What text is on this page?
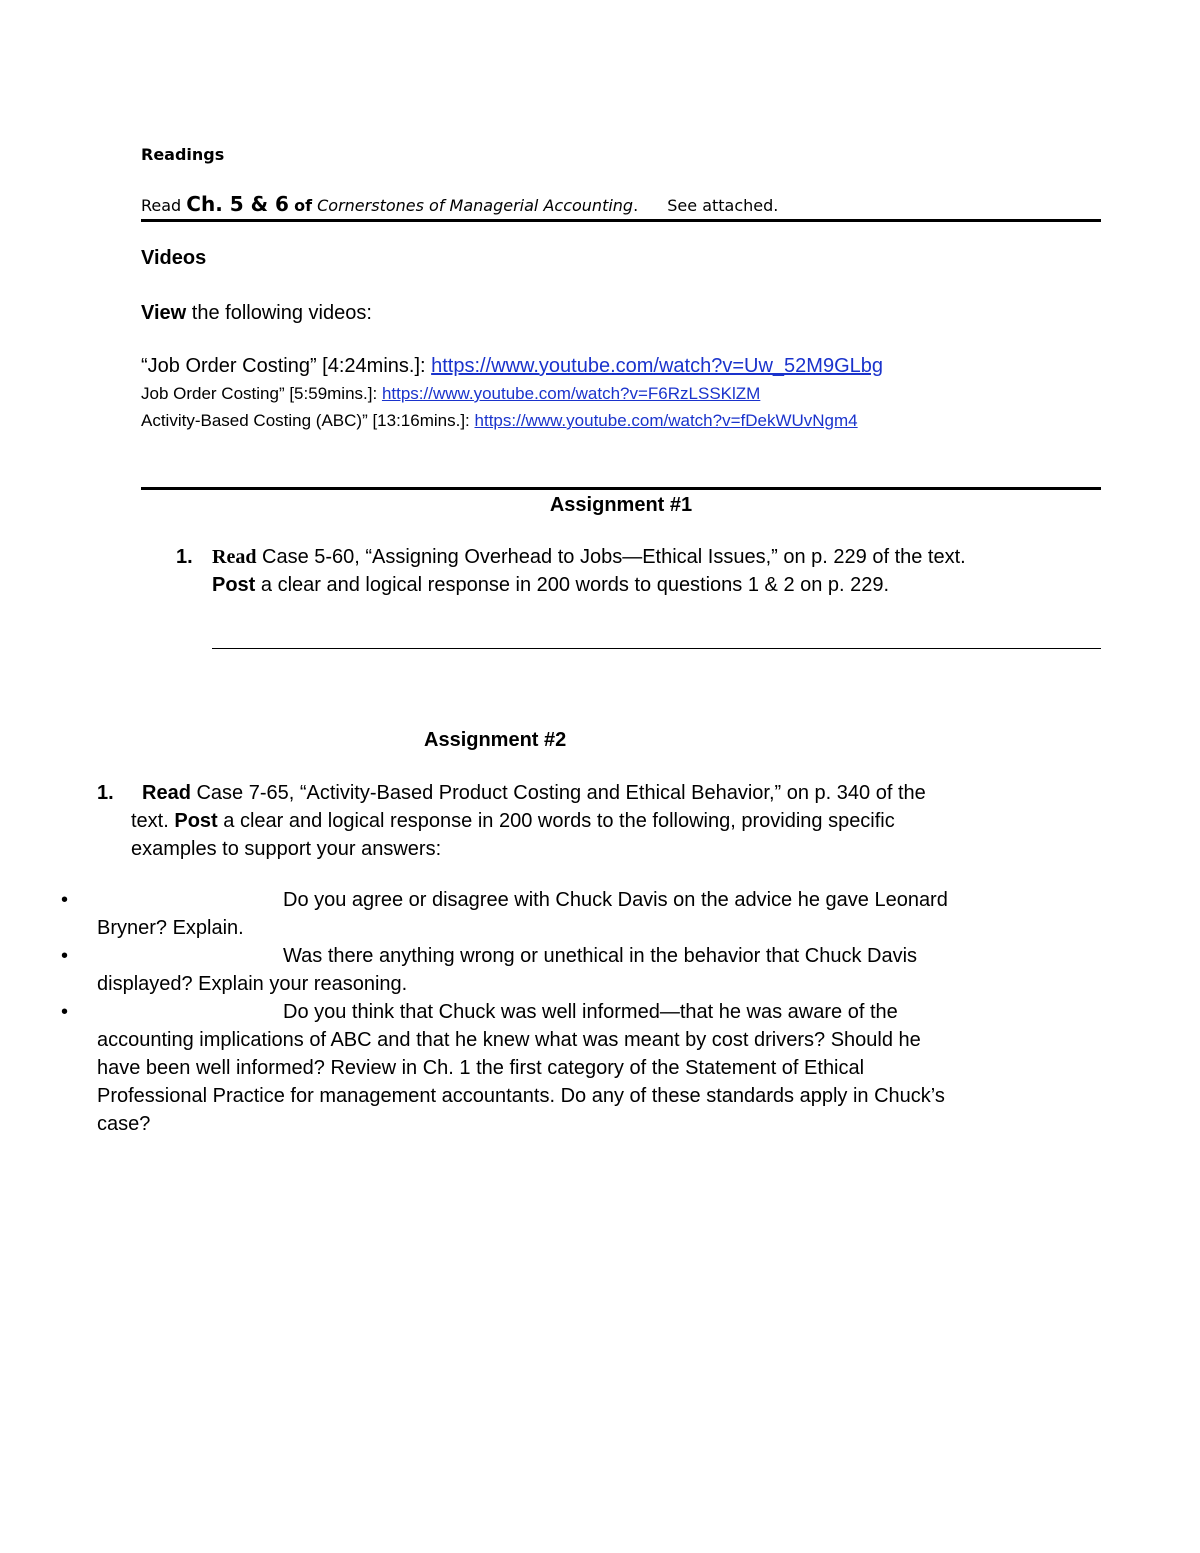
Readings
Read Ch. 5 & 6 of Cornerstones of Managerial Accounting. See attached.
Videos
View the following videos:
“Job Order Costing” [4:24mins.]: https://www.youtube.com/watch?v=Uw_52M9GLbg
Job Order Costing” [5:59mins.]: https://www.youtube.com/watch?v=F6RzLSSKlZM
Activity-Based Costing (ABC)” [13:16mins.]: https://www.youtube.com/watch?v=fDekWUvNgm4
Assignment #1
1. Read Case 5-60, “Assigning Overhead to Jobs—Ethical Issues,” on p. 229 of the text.
Post a clear and logical response in 200 words to questions 1 & 2 on p. 229.
Assignment #2
1. Read Case 7-65, “Activity-Based Product Costing and Ethical Behavior,” on p. 340 of the
text. Post a clear and logical response in 200 words to the following, providing specific
examples to support your answers:
•	Do you agree or disagree with Chuck Davis on the advice he gave Leonard
Bryner? Explain.
•	Was there anything wrong or unethical in the behavior that Chuck Davis
displayed? Explain your reasoning.
•	Do you think that Chuck was well informed—that he was aware of the
accounting implications of ABC and that he knew what was meant by cost drivers? Should he
have been well informed? Review in Ch. 1 the first category of the Statement of Ethical
Professional Practice for management accountants. Do any of these standards apply in Chuck’s
case?
